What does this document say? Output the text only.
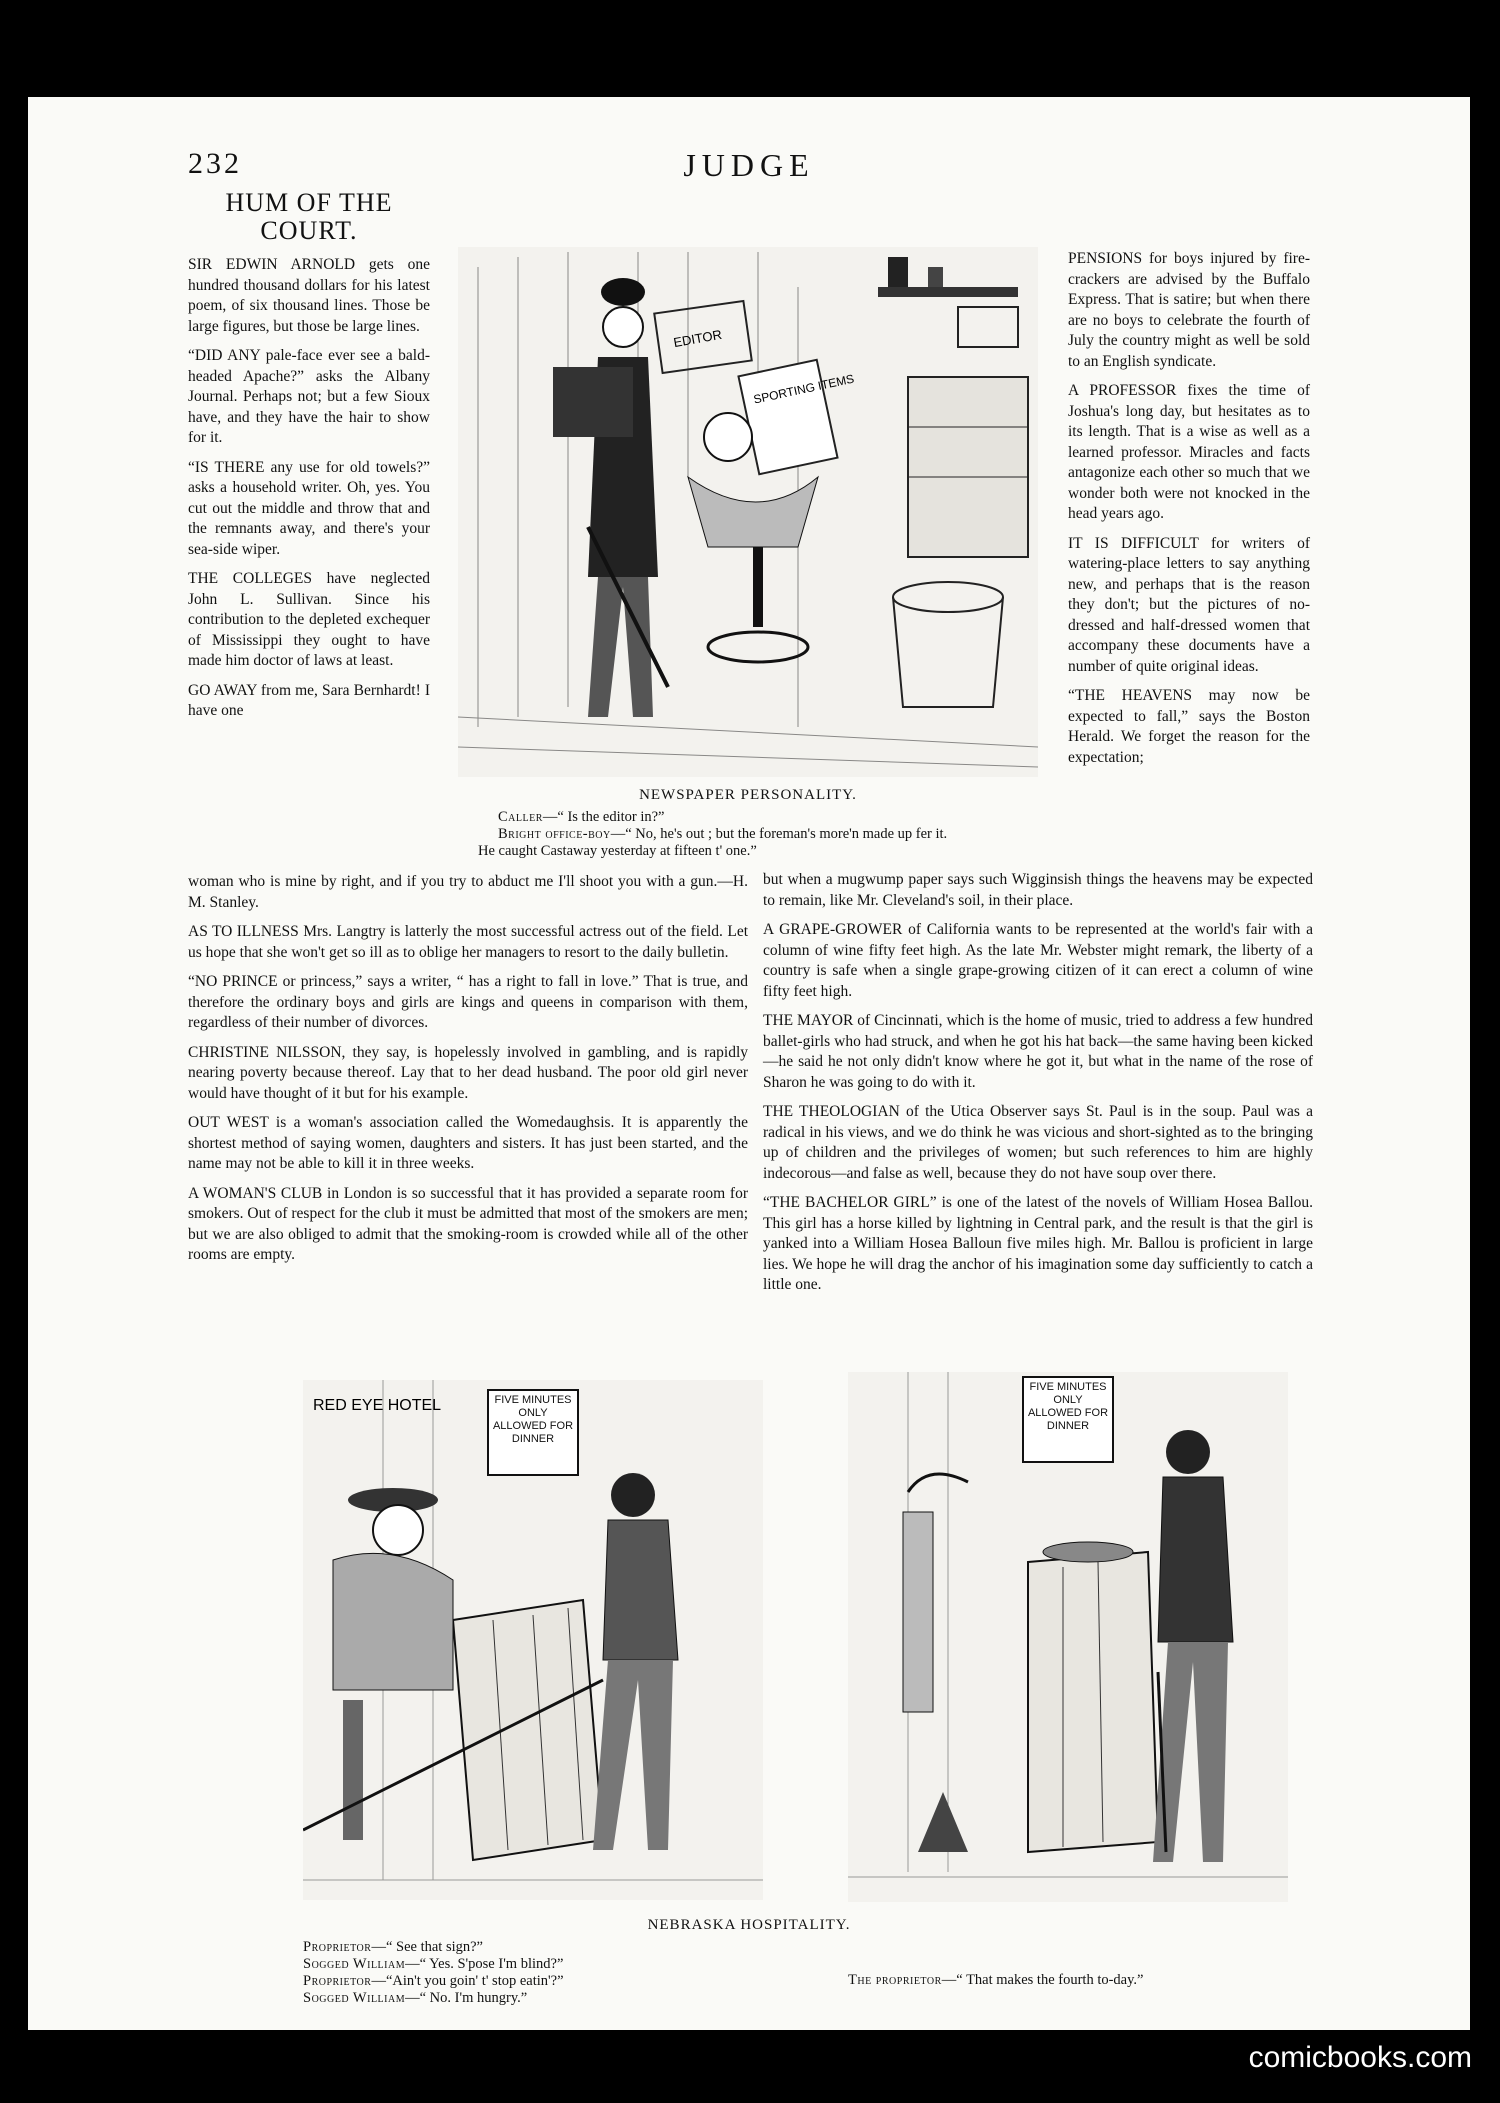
232	JUDGE
HUM OF THE COURT.

SIR EDWIN ARNOLD gets one hundred thousand dollars for his latest poem, of six thousand lines. Those be large figures, but those be large lines.

“DID ANY pale-face ever see a bald-headed Apache?” asks the Albany Journal. Perhaps not; but a few Sioux have, and they have the hair to show for it.

“IS THERE any use for old towels?” asks a household writer. Oh, yes. You cut out the middle and throw that and the remnants away, and there's your sea-side wiper.

THE COLLEGES have neglected John L. Sullivan. Since his contribution to the depleted exchequer of Mississippi they ought to have made him doctor of laws at least.

GO AWAY from me, Sara Bernhardt! I have one

EDITOR
SPORTING ITEMS
NEWSPAPER PERSONALITY.
Caller—“ Is the editor in?”
Bright office-boy—“ No, he's out ; but the foreman's more'n made up fer it.
He caught Castaway yesterday at fifteen t' one.”

PENSIONS for boys injured by fire-crackers are advised by the Buffalo Express. That is satire; but when there are no boys to celebrate the fourth of July the country might as well be sold to an English syndicate.

A PROFESSOR fixes the time of Joshua's long day, but hesitates as to its length. That is a wise as well as a learned professor. Miracles and facts antagonize each other so much that we wonder both were not knocked in the head years ago.

IT IS DIFFICULT for writers of watering-place letters to say anything new, and perhaps that is the reason they don't; but the pictures of no-dressed and half-dressed women that accompany these documents have a number of quite original ideas.

“THE HEAVENS may now be expected to fall,” says the Boston Herald. We forget the reason for the expectation;

woman who is mine by right, and if you try to abduct me I'll shoot you with a gun.—H. M. Stanley.

AS TO ILLNESS Mrs. Langtry is latterly the most successful actress out of the field. Let us hope that she won't get so ill as to oblige her managers to resort to the daily bulletin.

“NO PRINCE or princess,” says a writer, “ has a right to fall in love.” That is true, and therefore the ordinary boys and girls are kings and queens in comparison with them, regardless of their number of divorces.

CHRISTINE NILSSON, they say, is hopelessly involved in gambling, and is rapidly nearing poverty because thereof. Lay that to her dead husband. The poor old girl never would have thought of it but for his example.

OUT WEST is a woman's association called the Womedaughsis. It is apparently the shortest method of saying women, daughters and sisters. It has just been started, and the name may not be able to kill it in three weeks.

A WOMAN'S CLUB in London is so successful that it has provided a separate room for smokers. Out of respect for the club it must be admitted that most of the smokers are men; but we are also obliged to admit that the smoking-room is crowded while all of the other rooms are empty.

but when a mugwump paper says such Wigginsish things the heavens may be expected to remain, like Mr. Cleveland's soil, in their place.

A GRAPE-GROWER of California wants to be represented at the world's fair with a column of wine fifty feet high. As the late Mr. Webster might remark, the liberty of a country is safe when a single grape-growing citizen of it can erect a column of wine fifty feet high.

THE MAYOR of Cincinnati, which is the home of music, tried to address a few hundred ballet-girls who had struck, and when he got his hat back—the same having been kicked—he said he not only didn't know where he got it, but what in the name of the rose of Sharon he was going to do with it.

THE THEOLOGIAN of the Utica Observer says St. Paul is in the soup. Paul was a radical in his views, and we do think he was vicious and short-sighted as to the bringing up of children and the privileges of women; but such references to him are highly indecorous—and false as well, because they do not have soup over there.

“THE BACHELOR GIRL” is one of the latest of the novels of William Hosea Ballou. This girl has a horse killed by lightning in Central park, and the result is that the girl is yanked into a William Hosea Balloun five miles high. Mr. Ballou is proficient in large lies. We hope he will drag the anchor of his imagination some day sufficiently to catch a little one.

RED EYE HOTEL	FIVE MINUTES ONLY ALLOWED FOR DINNER
FIVE MINUTES ONLY ALLOWED FOR DINNER
NEBRASKA HOSPITALITY.
Proprietor—“ See that sign?”
Sogged William—“ Yes. S'pose I'm blind?”
Proprietor—“Ain't you goin' t' stop eatin'?”
Sogged William—“ No. I'm hungry.”
The proprietor—“ That makes the fourth to-day.”
comicbooks.com
